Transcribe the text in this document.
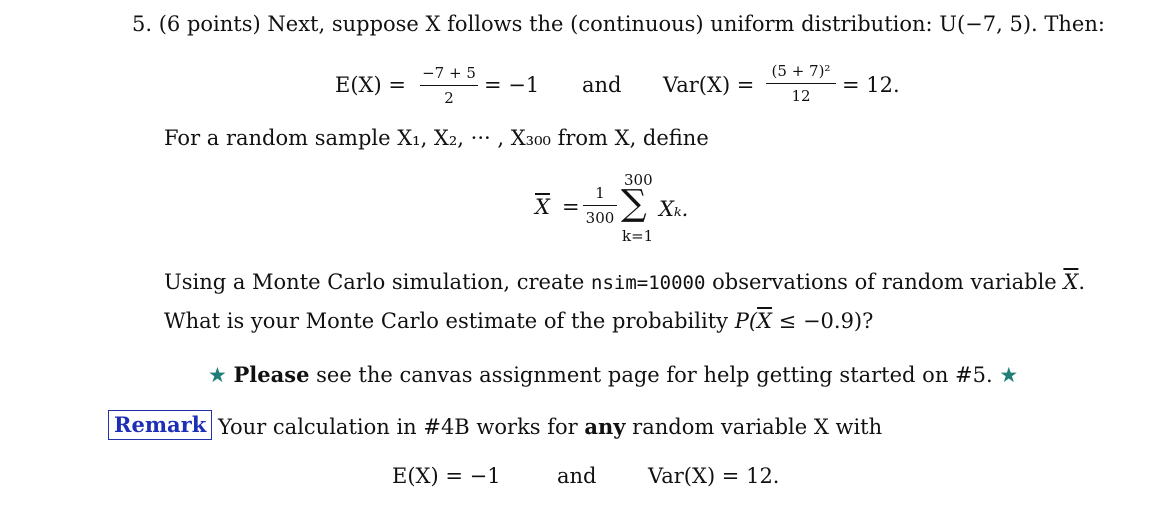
5. (6 points) Next, suppose X follows the (continuous) uniform distribution: U(−7, 5). Then:
E(X) = −7 + 5
2
= −1 and Var(X) =
(5 + 7)²
12	= 12.
For a random sample X₁, X₂, ··· , X₃₀₀ from X, define
$\overline{X}$ =
1
300
300
∑
k=1
Xₖ.
Using a Monte Carlo simulation, create nsim=10000 observations of random variable $\overline{X}$.
What is your Monte Carlo estimate of the probability $P(\overline{X} \le -0.9)$?
★ Please see the canvas assignment page for help getting started on #5. ★
Remark Your calculation in #4B works for any random variable X with
E(X) = −1	and Var(X) = 12.
